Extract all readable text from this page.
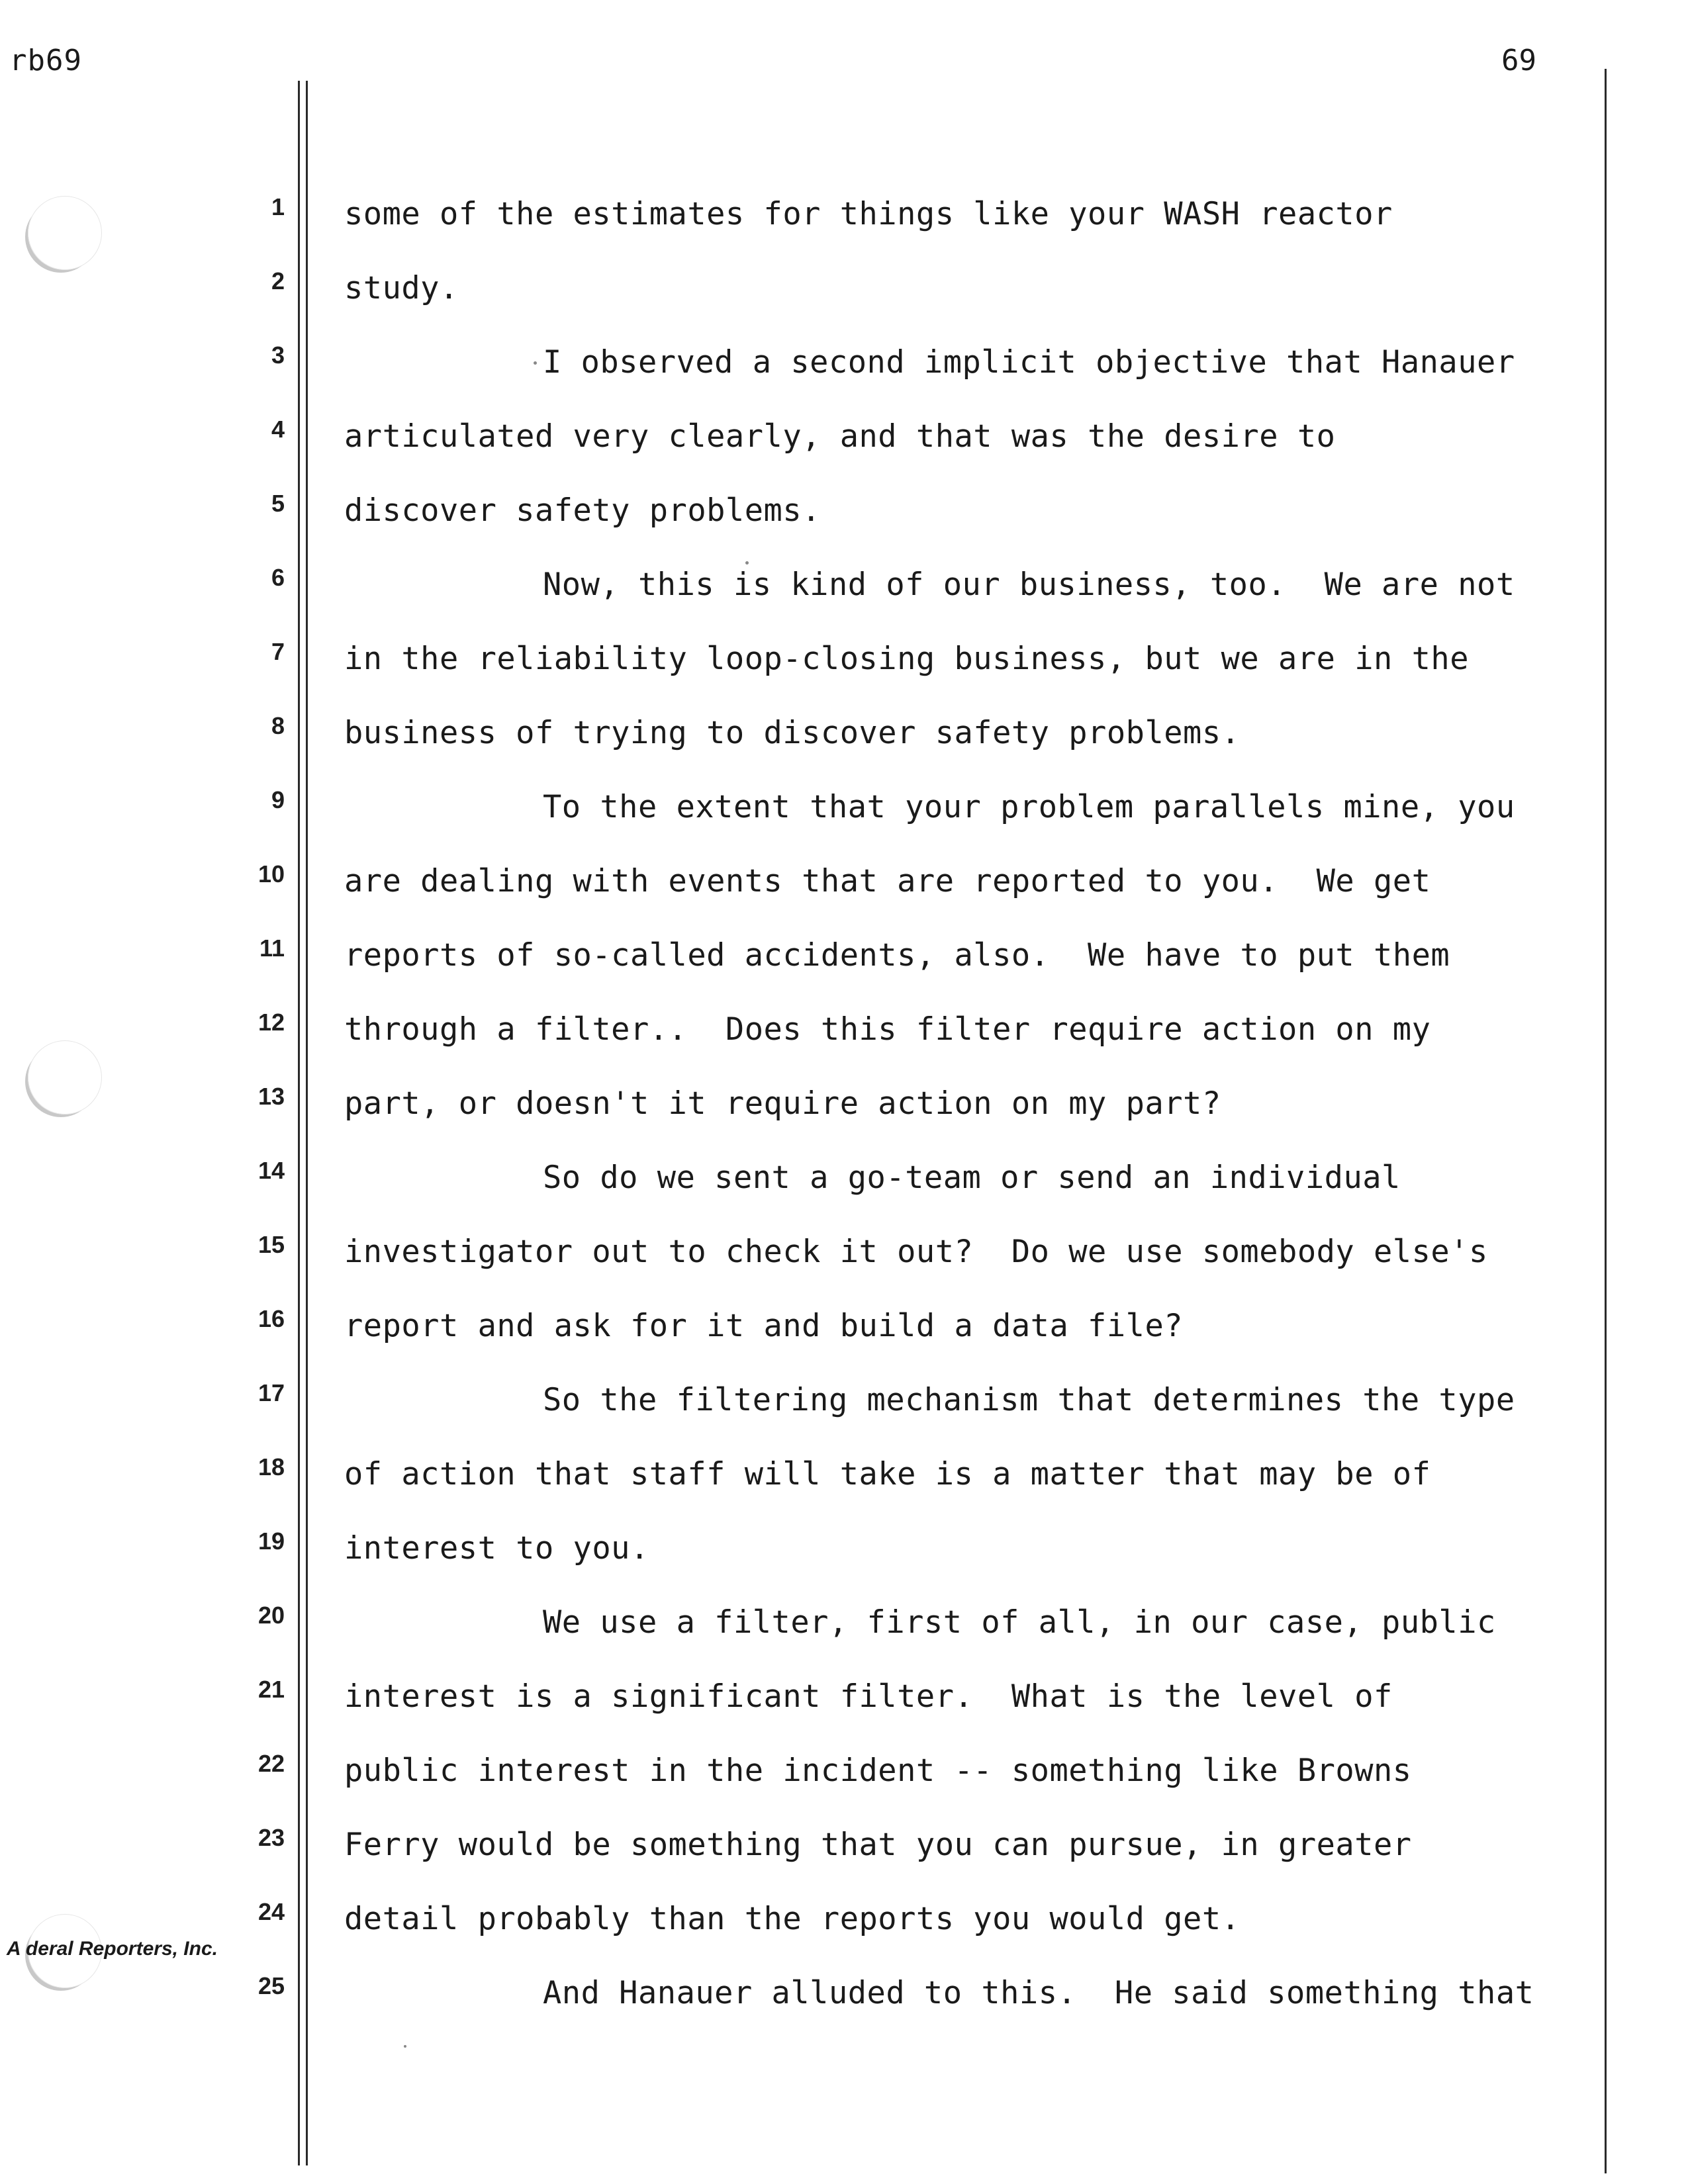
rb69	69
1 some of the estimates for things like your WASH reactor
2 study.
3	I observed a second implicit objective that Hanauer
4 articulated very clearly, and that was the desire to
5 discover safety problems.
6	Now, this is kind of our business, too.  We are not
7 in the reliability loop-closing business, but we are in the
8 business of trying to discover safety problems.
9	To the extent that your problem parallels mine, you
10 are dealing with events that are reported to you.  We get
11 reports of so-called accidents, also.  We have to put them
12 through a filter..  Does this filter require action on my
13 part, or doesn't it require action on my part?
14	So do we sent a go-team or send an individual
15 investigator out to check it out?  Do we use somebody else's
16 report and ask for it and build a data file?
17	So the filtering mechanism that determines the type
18 of action that staff will take is a matter that may be of
19 interest to you.
20	We use a filter, first of all, in our case, public
21 interest is a significant filter.  What is the level of
22 public interest in the incident -- something like Browns
23 Ferry would be something that you can pursue, in greater
24 detail probably than the reports you would get.
25	And Hanauer alluded to this.  He said something that
A deral Reporters, Inc.
